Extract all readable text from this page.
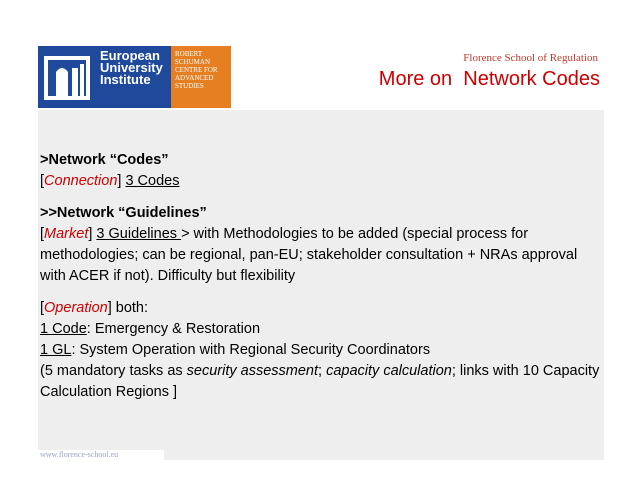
European
University
Institute
ROBERT
SCHUMAN
CENTRE FOR
ADVANCED
STUDIES
Florence School of Regulation
More on  Network Codes

>Network “Codes”

[Connection] 3 Codes

>>Network “Guidelines”

[Market] 3 Guidelines > with Methodologies to be added (special process for methodologies; can be regional, pan-EU; stakeholder consultation + NRAs approval with ACER if not). Difficulty but flexibility

[Operation] both:

1 Code: Emergency & Restoration

1 GL: System Operation with Regional Security Coordinators

(5 mandatory tasks as security assessment; capacity calculation; links with 10 Capacity Calculation Regions ]

www.florence-school.eu
